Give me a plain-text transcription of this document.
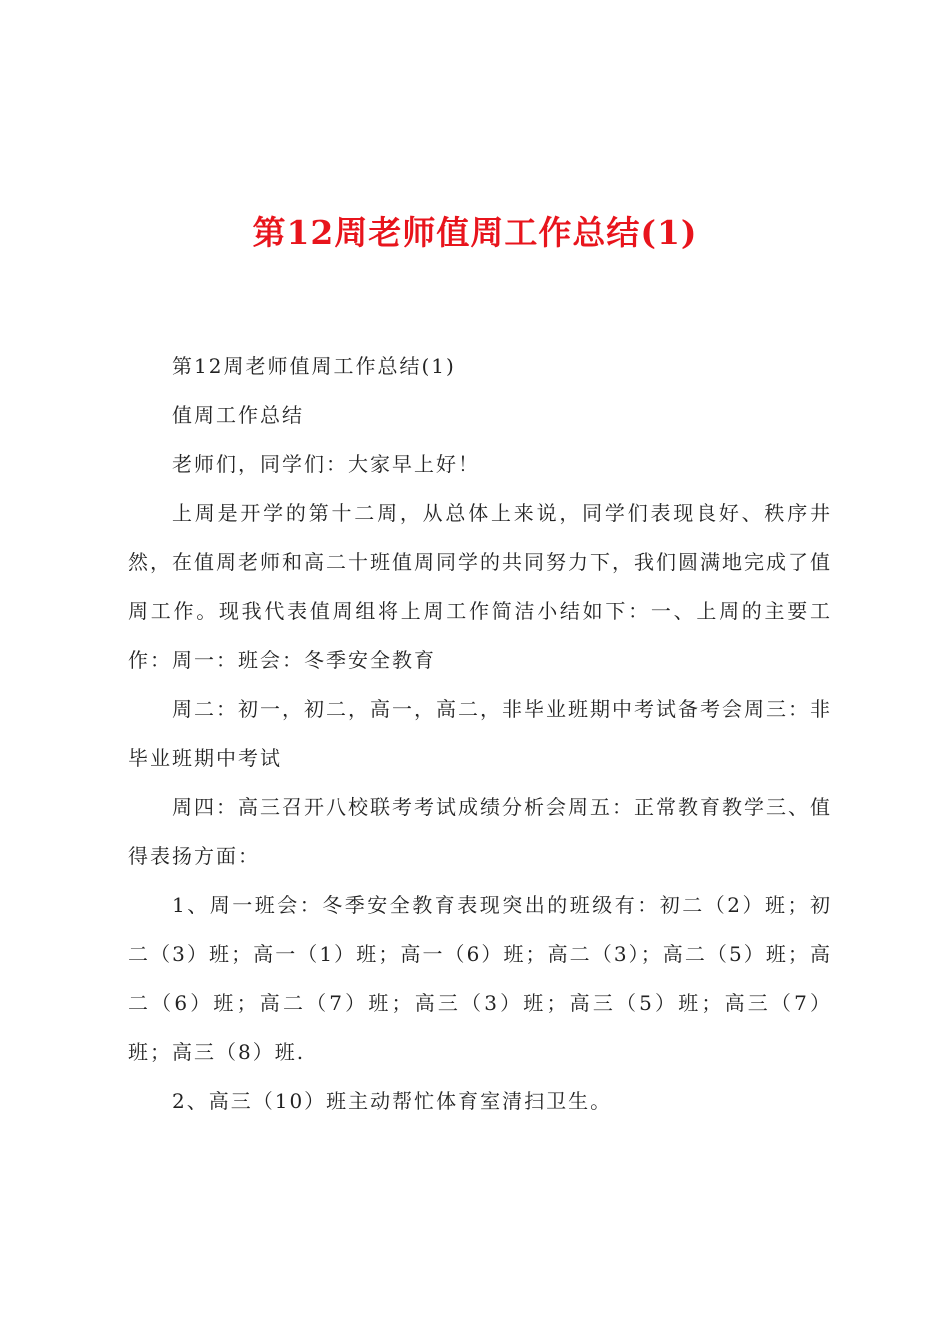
第12周老师值周工作总结(1)

第12周老师值周工作总结(1)

值周工作总结

老师们，同学们：大家早上好！

上周是开学的第十二周，从总体上来说，同学们表现良好、秩序井然，在值周老师和高二十班值周同学的共同努力下，我们圆满地完成了值周工作。现我代表值周组将上周工作简洁小结如下：一、上周的主要工作：周一：班会：冬季安全教育

周二：初一，初二，高一，高二，非毕业班期中考试备考会周三：非毕业班期中考试

周四：高三召开八校联考考试成绩分析会周五：正常教育教学三、值得表扬方面：

1、周一班会：冬季安全教育表现突出的班级有：初二（2）班；初二（3）班；高一（1）班；高一（6）班；高二（3）；高二（5）班；高二（6）班；高二（7）班；高三（3）班；高三（5）班；高三（7）班；高三（8）班.

2、高三（10）班主动帮忙体育室清扫卫生。
